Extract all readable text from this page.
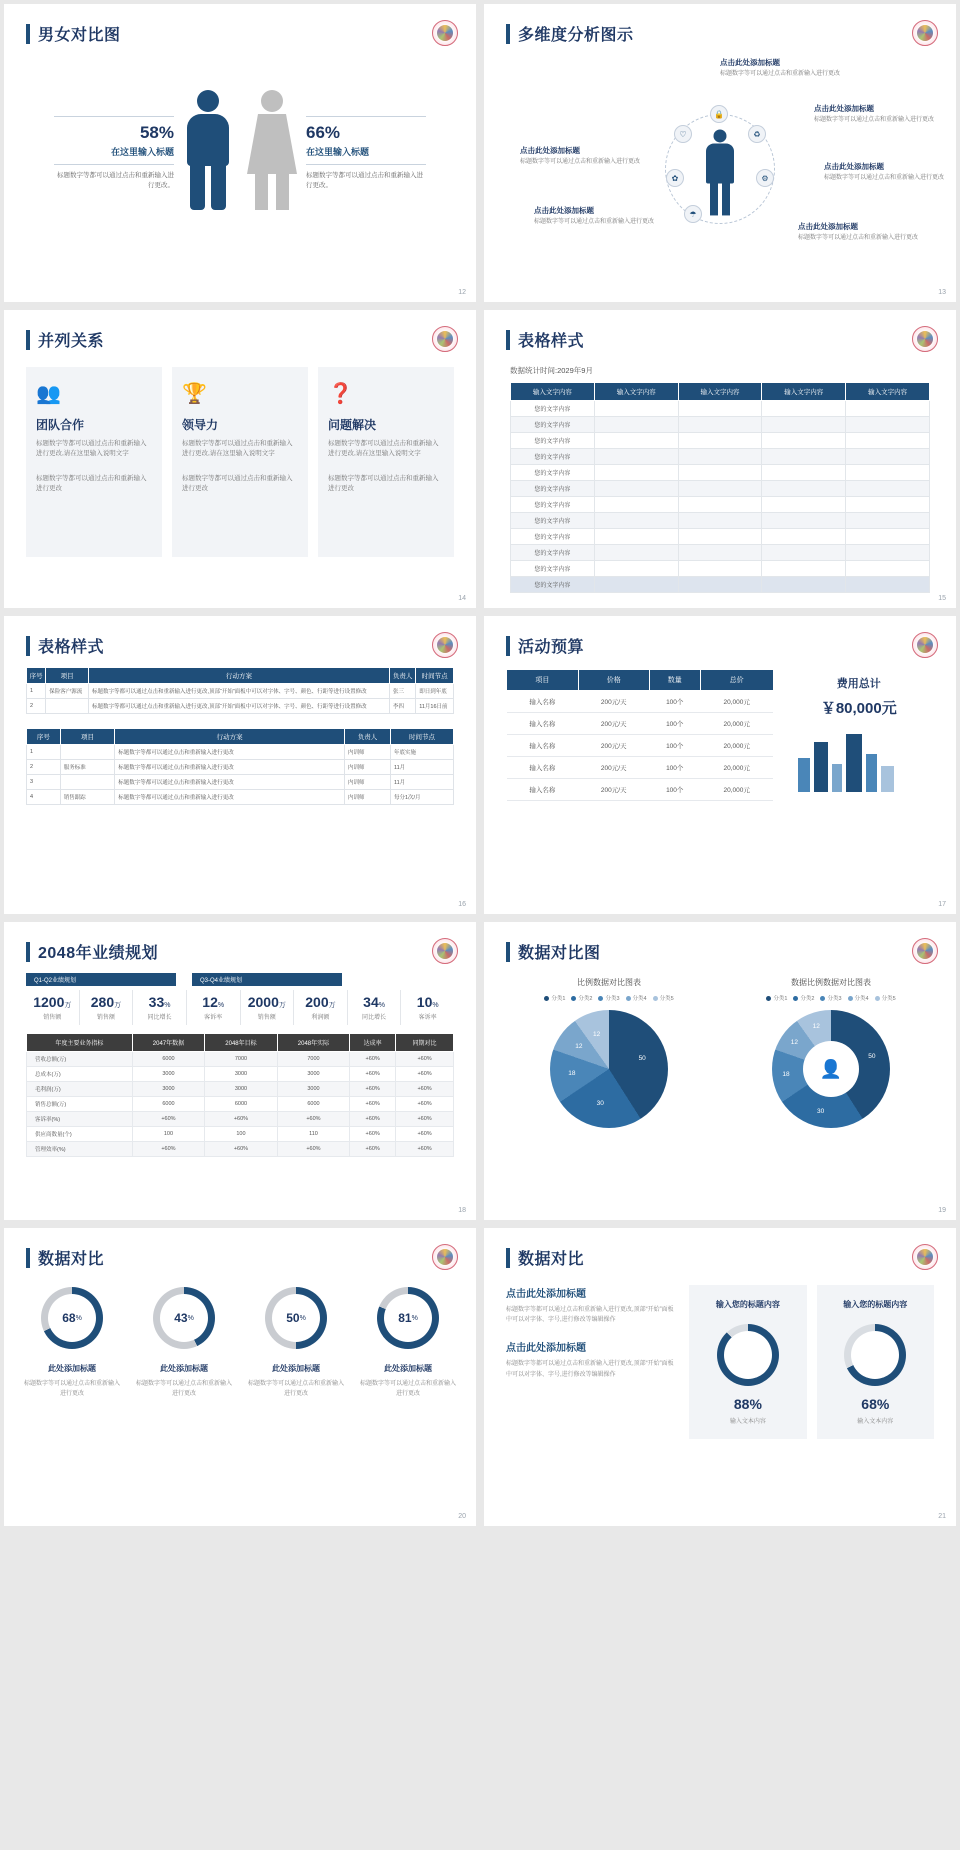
男女对比图
58%
在这里输入标题
标题数字等都可以通过点击和重新输入进行更改。
66%
在这里输入标题
标题数字等都可以通过点击和重新输入进行更改。
12
多维度分析图示
🔒
♡	♻
✿	⚙
☂
点击此处添加标题

标题数字等可以通过点击和重新输入进行更改

点击此处添加标题

标题数字等可以通过点击和重新输入进行更改

点击此处添加标题

标题数字等可以通过点击和重新输入进行更改

点击此处添加标题

标题数字等可以通过点击和重新输入进行更改

点击此处添加标题

标题数字等可以通过点击和重新输入进行更改

点击此处添加标题

标题数字等可以通过点击和重新输入进行更改

13
并列关系
👥
团队合作

标题数字等都可以通过点击和重新输入进行更改,请在这里输入说明文字

标题数字等都可以通过点击和重新输入进行更改

🏆
领导力

标题数字等都可以通过点击和重新输入进行更改,请在这里输入说明文字

标题数字等都可以通过点击和重新输入进行更改

❓
问题解决

标题数字等都可以通过点击和重新输入进行更改,请在这里输入说明文字

标题数字等都可以通过点击和重新输入进行更改

14
表格样式
数据统计时间:2029年9月
输入文字内容	输入文字内容	输入文字内容	输入文字内容	输入文字内容
您的文字内容				
您的文字内容				
您的文字内容				
您的文字内容				
您的文字内容				
您的文字内容				
您的文字内容				
您的文字内容				
您的文字内容				
您的文字内容				
您的文字内容				
您的文字内容				
15
表格样式
序号	项目	行动方案	负责人	时间节点
1	保险客户源流	标题数字等都可以通过点击和重新输入进行更改,顶部“开始”面板中可以对字体、字号、颜色、行距等进行设置修改	张三	即日到年底
2		标题数字等都可以通过点击和重新输入进行更改,顶部“开始”面板中可以对字体、字号、颜色、行距等进行设置修改	李四	11月16日前
序号	项目	行动方案	负责人	时间节点
1		标题数字等都可以通过点击和重新输入进行更改	内训师	年底实施
2	服务标准	标题数字等都可以通过点击和重新输入进行更改	内训师	11月
3		标题数字等都可以通过点击和重新输入进行更改	内训师	11月
4	销售跟踪	标题数字等都可以通过点击和重新输入进行更改	内训师	每分1次/月
16
活动预算
项目	价格	数量	总价
输入名称	200元/天	100个	20,000元
输入名称	200元/天	100个	20,000元
输入名称	200元/天	100个	20,000元
输入名称	200元/天	100个	20,000元
输入名称	200元/天	100个	20,000元
费用总计
￥80,000元
17
2048年业绩规划
Q1-Q2业绩规划	Q3-Q4业绩规划
1200万
销售额
280万
销售额
33%
同比增长
12%
客诉率
2000万
销售额
200万
利润额
34%
同比增长
10%
客诉率
年度主要业务指标	2047年数据	2048年目标	2048年实际	达成率	同期对比
营收总额(万)	6000	7000	7000	+60%	+60%
总成本(万)	3000	3000	3000	+60%	+60%
毛利润(万)	3000	3000	3000	+60%	+60%
销售总额(万)	6000	6000	6000	+60%	+60%
客诉率(%)	+60%	+60%	+60%	+60%	+60%
供应商数量(个)	100	100	110	+60%	+60%
管理效率(%)	+60%	+60%	+60%	+60%	+60%
18
数据对比图
比例数据对比图表
分类1	分类2	分类3	分类4	分类5
50
30
18
12
12
数据比例数据对比图表
分类1	分类2	分类3	分类4	分类5
👤
50
30
18
12
12
19
数据对比
68 %
此处添加标题

标题数字等可以通过点击和重新输入进行更改

43 %
此处添加标题

标题数字等可以通过点击和重新输入进行更改

50 %
此处添加标题

标题数字等可以通过点击和重新输入进行更改

81 %
此处添加标题

标题数字等可以通过点击和重新输入进行更改

20
数据对比
点击此处添加标题

标题数字等都可以通过点击和重新输入进行更改,顶部“开始”面板中可以对字体、字号,进行修改等编辑操作

点击此处添加标题

标题数字等都可以通过点击和重新输入进行更改,顶部“开始”面板中可以对字体、字号,进行修改等编辑操作

输入您的标题内容
88%
输入文本内容
输入您的标题内容
68%
输入文本内容
21
